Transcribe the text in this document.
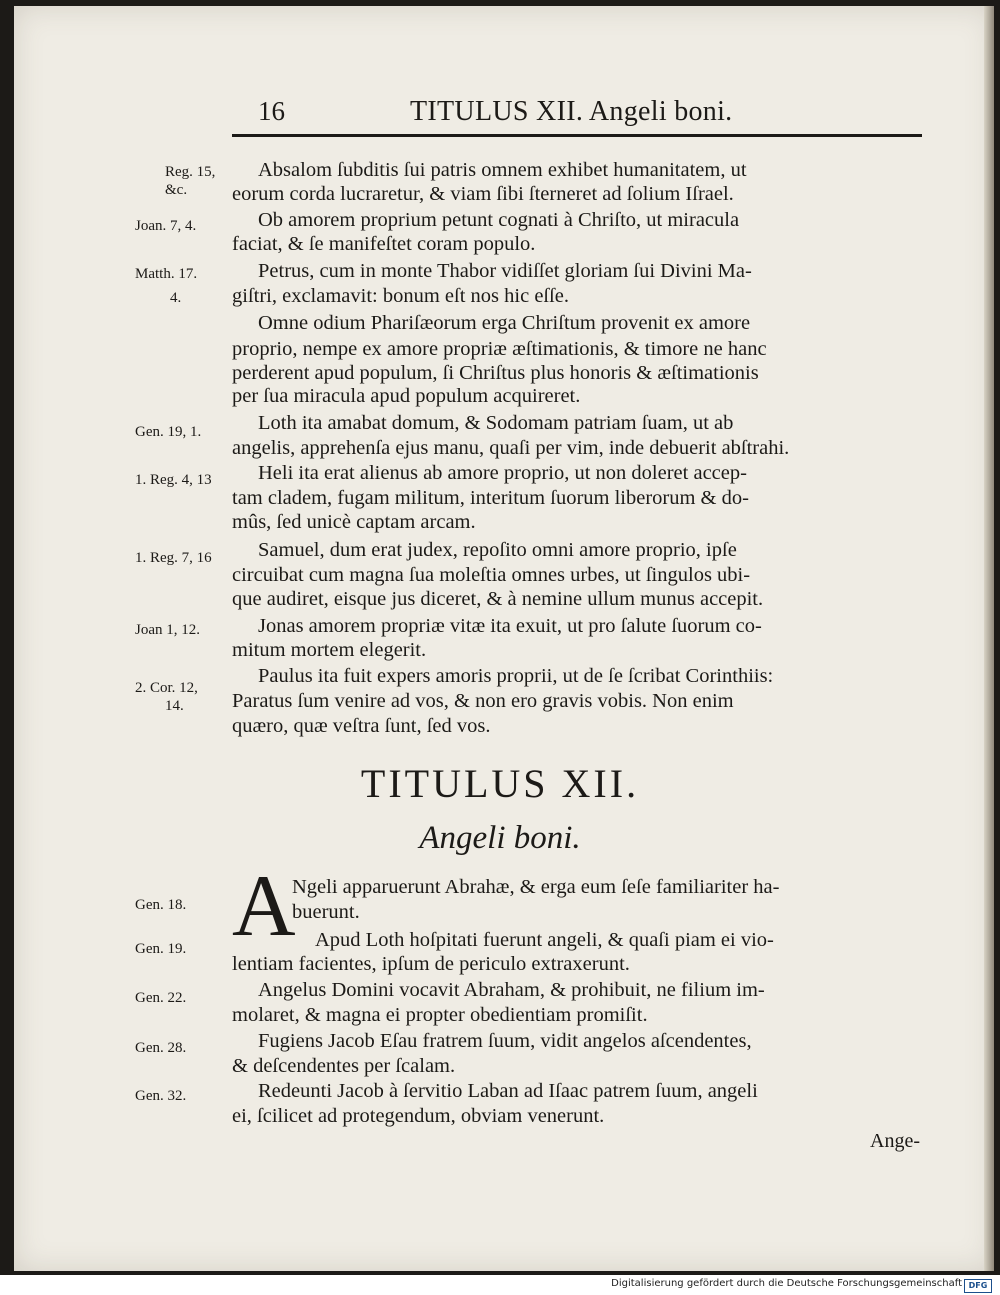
16	TITULUS XII. Angeli boni.
Reg. 15,
&c.
Joan. 7, 4.
Matth. 17.
4.
Gen. 19, 1.
1. Reg. 4, 13
1. Reg. 7, 16
Joan 1, 12.
2. Cor. 12,
14.
Gen. 18.
Gen. 19.
Gen. 22.
Gen. 28.
Gen. 32.
Absalom ſubditis ſui patris omnem exhibet humanitatem, ut
eorum corda lucraretur, & viam ſibi ſterneret ad ſolium Iſrael.
Ob amorem proprium petunt cognati à Chriſto, ut miracula
faciat, & ſe manifeſtet coram populo.
Petrus, cum in monte Thabor vidiſſet gloriam ſui Divini Ma-
giſtri, exclamavit: bonum eſt nos hic eſſe.
Omne odium Phariſæorum erga Chriſtum provenit ex amore
proprio, nempe ex amore propriæ æſtimationis, & timore ne hanc
perderent apud populum, ſi Chriſtus plus honoris & æſtimationis
per ſua miracula apud populum acquireret.
Loth ita amabat domum, & Sodomam patriam ſuam, ut ab
angelis, apprehenſa ejus manu, quaſi per vim, inde debuerit abſtrahi.
Heli ita erat alienus ab amore proprio, ut non doleret accep-
tam cladem, fugam militum, interitum ſuorum liberorum & do-
mûs, ſed unicè captam arcam.
Samuel, dum erat judex, repoſito omni amore proprio, ipſe
circuibat cum magna ſua moleſtia omnes urbes, ut ſingulos ubi-
que audiret, eisque jus diceret, & à nemine ullum munus accepit.
Jonas amorem propriæ vitæ ita exuit, ut pro ſalute ſuorum co-
mitum mortem elegerit.
Paulus ita fuit expers amoris proprii, ut de ſe ſcribat Corinthiis:
Paratus ſum venire ad vos, & non ero gravis vobis. Non enim
quæro, quæ veſtra ſunt, ſed vos.
TITULUS XII.
Angeli boni.
A
Ngeli apparuerunt Abrahæ, & erga eum ſeſe familiariter ha-
buerunt.
Apud Loth hoſpitati fuerunt angeli, & quaſi piam ei vio-
lentiam facientes, ipſum de periculo extraxerunt.
Angelus Domini vocavit Abraham, & prohibuit, ne filium im-
molaret, & magna ei propter obedientiam promiſit.
Fugiens Jacob Eſau fratrem ſuum, vidit angelos aſcendentes,
& deſcendentes per ſcalam.
Redeunti Jacob à ſervitio Laban ad Iſaac patrem ſuum, angeli
ei, ſcilicet ad protegendum, obviam venerunt.
Ange-
Digitalisierung gefördert durch die Deutsche Forschungsgemeinschaft DFG
